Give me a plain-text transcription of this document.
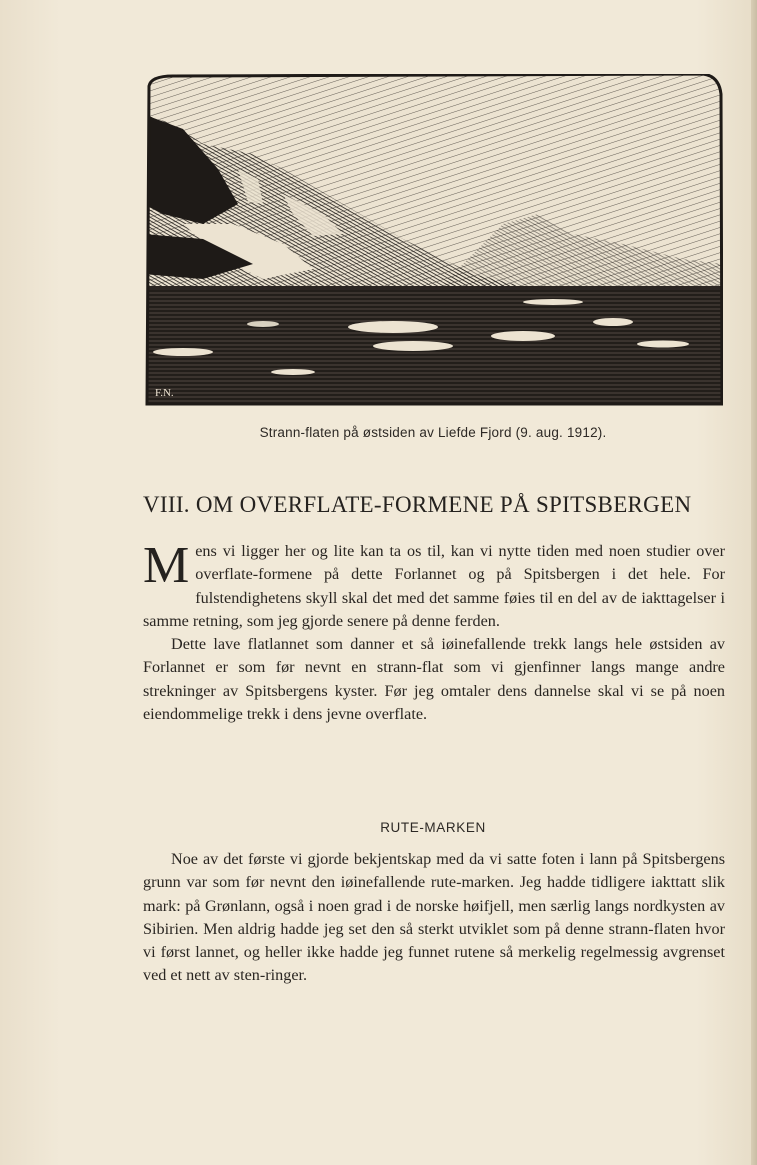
F.N.
Strann-flaten på østsiden av Liefde Fjord (9. aug. 1912).
VIII. OM OVERFLATE-FORMENE PÅ SPITSBERGEN

Mens vi ligger her og lite kan ta os til, kan vi nytte tiden med noen studier over overflate-formene på dette Forlannet og på Spitsbergen i det hele. For fulstendighetens skyll skal det med det samme føies til en del av de iakttagelser i samme retning, som jeg gjorde senere på denne ferden.

Dette lave flatlannet som danner et så iøinefallende trekk langs hele østsiden av Forlannet er som før nevnt en strann-flat som vi gjenfinner langs mange andre strekninger av Spitsbergens kyster. Før jeg omtaler dens dannelse skal vi se på noen eiendommelige trekk i dens jevne overflate.

RUTE-MARKEN

Noe av det første vi gjorde bekjentskap med da vi satte foten i lann på Spitsbergens grunn var som før nevnt den iøinefallende rute-marken. Jeg hadde tidligere iakttatt slik mark: på Grønlann, også i noen grad i de norske høifjell, men særlig langs nordkysten av Sibirien. Men aldrig hadde jeg set den så sterkt utviklet som på denne strann-flaten hvor vi først lannet, og heller ikke hadde jeg funnet rutene så merkelig regelmessig avgrenset ved et nett av sten-ringer.
